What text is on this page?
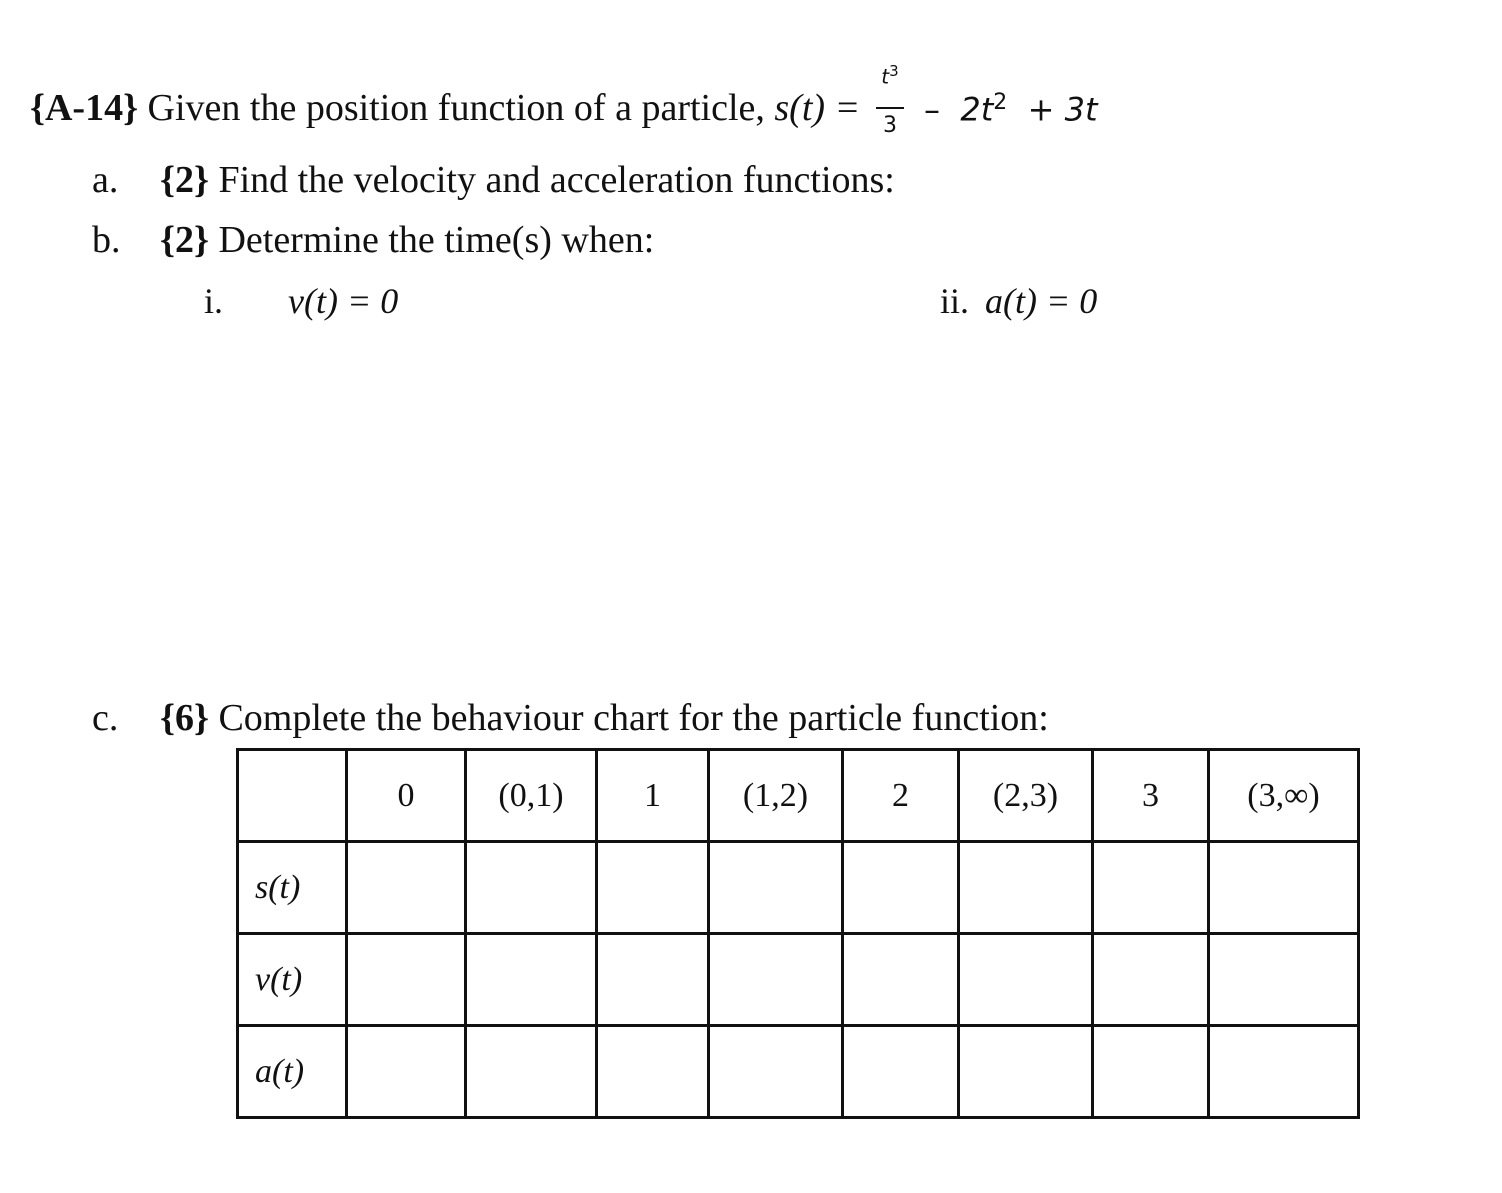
{A-14} Given the position function of a particle, s(t) =
$t^3$
$3 - 2t^2 + 3t$
a. {2} Find the velocity and acceleration functions:
b. {2} Determine the time(s) when:
i. v(t) = 0	ii. a(t) = 0
c. {6} Complete the behaviour chart for the particle function:
	0	(0,1)	1	(1,2)	2	(2,3)	3	(3,∞)
s(t)								
v(t)								
a(t)								
